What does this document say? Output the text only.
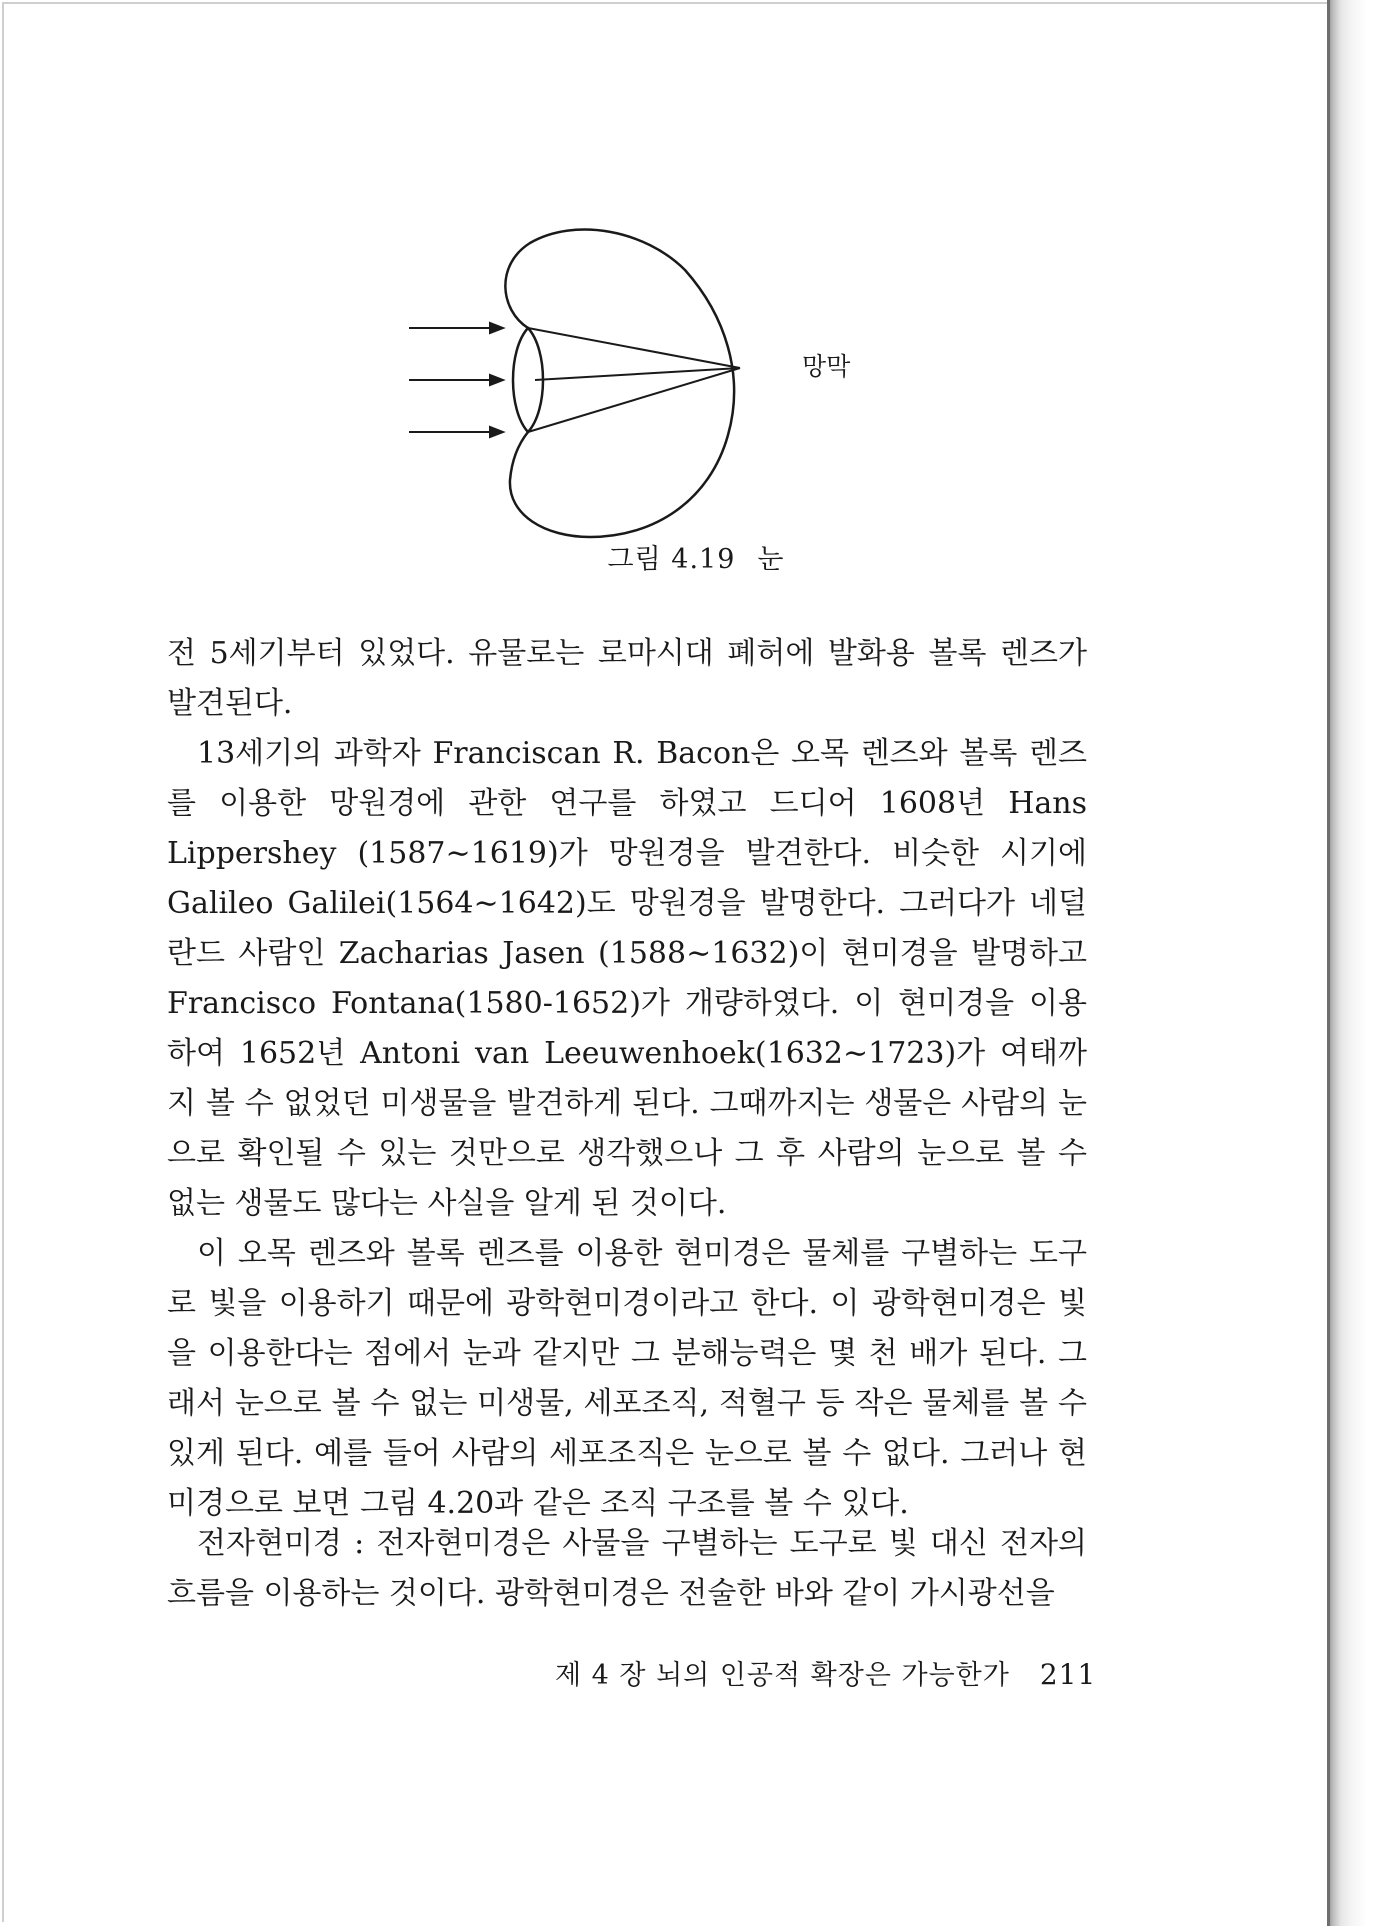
망막
그림 4.19 눈

전 5세기부터 있었다. 유물로는 로마시대 폐허에 발화용 볼록 렌즈가 발견된다.

13세기의 과학자 Franciscan R. Bacon은 오목 렌즈와 볼록 렌즈를 이용한 망원경에 관한 연구를 하였고 드디어 1608년 Hans Lippershey (1587∼1619)가 망원경을 발견한다. 비슷한 시기에 Galileo Galilei(1564∼1642)도 망원경을 발명한다. 그러다가 네덜란드 사람인 Zacharias Jasen (1588∼1632)이 현미경을 발명하고 Francisco Fontana(1580-1652)가 개량하였다. 이 현미경을 이용하여 1652년 Antoni van Leeuwenhoek(1632∼1723)가 여태까지 볼 수 없었던 미생물을 발견하게 된다. 그때까지는 생물은 사람의 눈으로 확인될 수 있는 것만으로 생각했으나 그 후 사람의 눈으로 볼 수 없는 생물도 많다는 사실을 알게 된 것이다.

이 오목 렌즈와 볼록 렌즈를 이용한 현미경은 물체를 구별하는 도구로 빛을 이용하기 때문에 광학현미경이라고 한다. 이 광학현미경은 빛을 이용한다는 점에서 눈과 같지만 그 분해능력은 몇 천 배가 된다. 그래서 눈으로 볼 수 없는 미생물, 세포조직, 적혈구 등 작은 물체를 볼 수 있게 된다. 예를 들어 사람의 세포조직은 눈으로 볼 수 없다. 그러나 현미경으로 보면 그림 4.20과 같은 조직 구조를 볼 수 있다.

전자현미경 : 전자현미경은 사물을 구별하는 도구로 빛 대신 전자의 흐름을 이용하는 것이다. 광학현미경은 전술한 바와 같이 가시광선을

제 4 장 뇌의 인공적 확장은 가능한가 211
